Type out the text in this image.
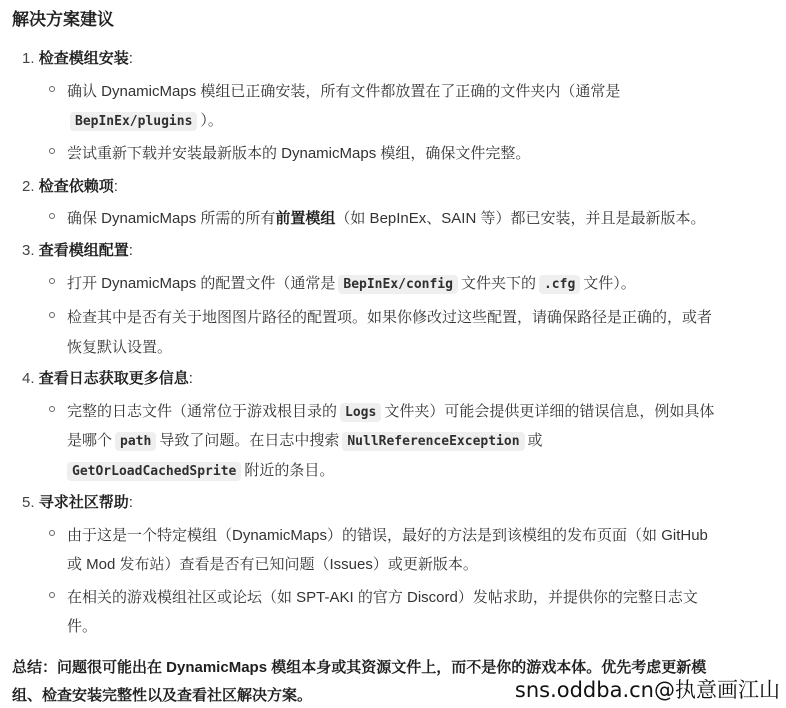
解决方案建议
1. 检查模组安装:
确认 DynamicMaps 模组已正确安装，所有文件都放置在了正确的文件夹内（通常是
BepInEx/plugins ）。
尝试重新下载并安装最新版本的 DynamicMaps 模组，确保文件完整。
2. 检查依赖项:
确保 DynamicMaps 所需的所有前置模组（如 BepInEx、SAIN 等）都已安装，并且是最新版本。
3. 查看模组配置:
打开 DynamicMaps 的配置文件（通常是 BepInEx/config 文件夹下的 .cfg 文件）。
检查其中是否有关于地图图片路径的配置项。如果你修改过这些配置，请确保路径是正确的，或者
恢复默认设置。
4. 查看日志获取更多信息:
完整的日志文件（通常位于游戏根目录的 Logs 文件夹）可能会提供更详细的错误信息，例如具体
是哪个 path 导致了问题。在日志中搜索 NullReferenceException 或
GetOrLoadCachedSprite 附近的条目。
5. 寻求社区帮助:
由于这是一个特定模组（DynamicMaps）的错误，最好的方法是到该模组的发布页面（如 GitHub
或 Mod 发布站）查看是否有已知问题（Issues）或更新版本。
在相关的游戏模组社区或论坛（如 SPT-AKI 的官方 Discord）发帖求助，并提供你的完整日志文
件。
总结：问题很可能出在 DynamicMaps 模组本身或其资源文件上，而不是你的游戏本体。优先考虑更新模
组、检查安装完整性以及查看社区解决方案。	sns.oddba.cn@执意画江山
